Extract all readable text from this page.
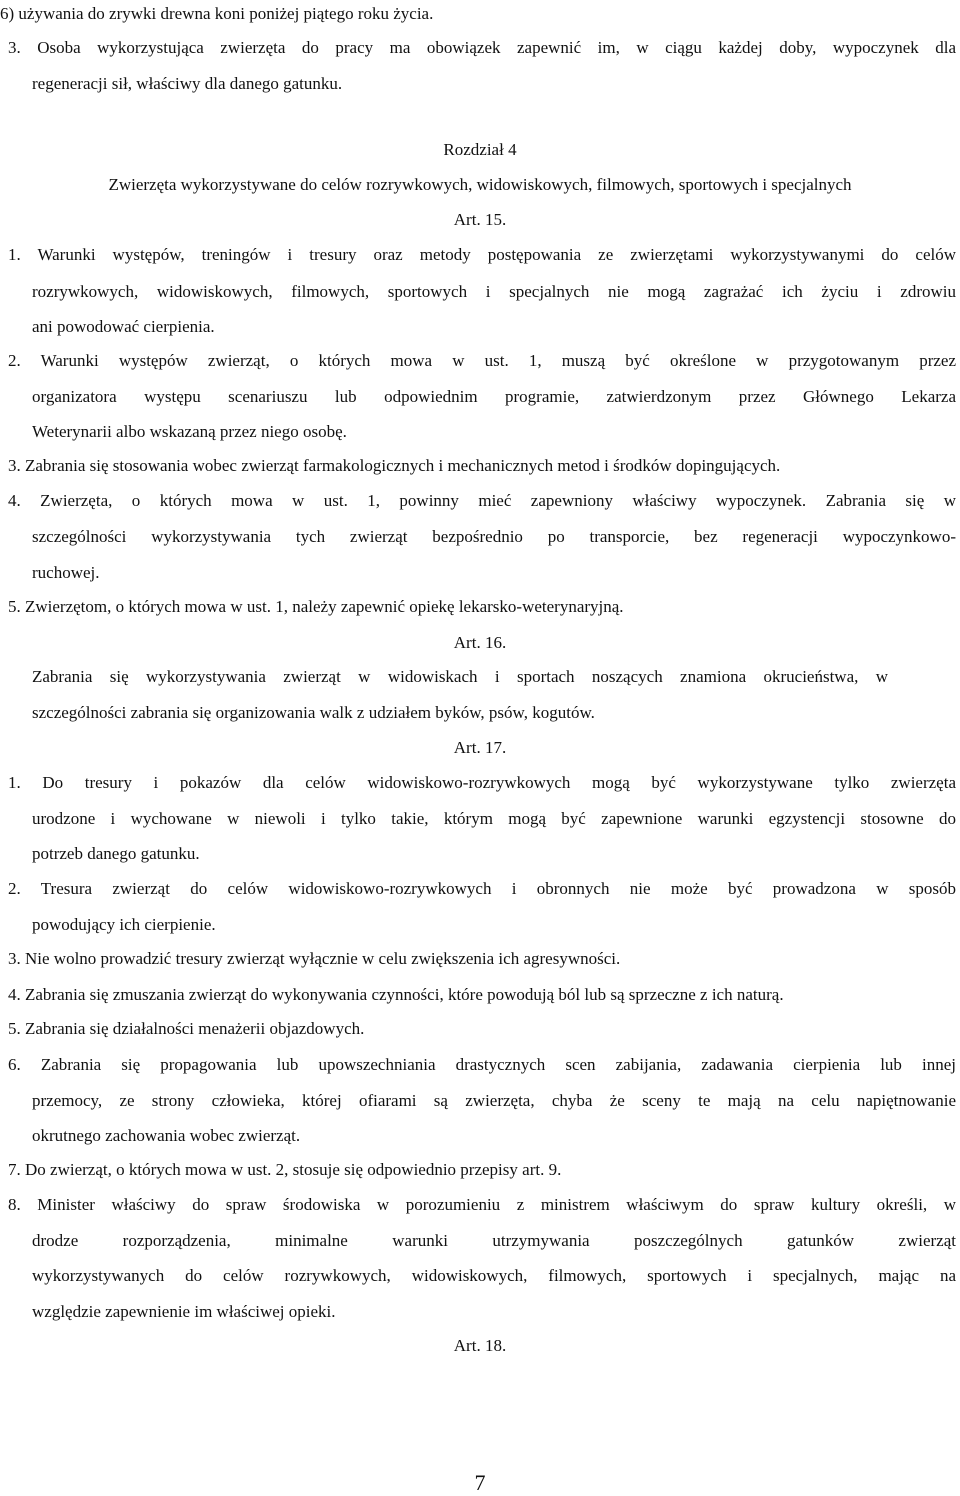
6) używania do zrywki drewna koni poniżej piątego roku życia.
3. Osoba wykorzystująca zwierzęta do pracy ma obowiązek zapewnić im, w ciągu każdej doby, wypoczynek dla
regeneracji sił, właściwy dla danego gatunku.
Rozdział 4
Zwierzęta wykorzystywane do celów rozrywkowych, widowiskowych, filmowych, sportowych i specjalnych
Art. 15.
1. Warunki występów, treningów i tresury oraz metody postępowania ze zwierzętami wykorzystywanymi do celów
rozrywkowych, widowiskowych, filmowych, sportowych i specjalnych nie mogą zagrażać ich życiu i zdrowiu
ani powodować cierpienia.
2. Warunki występów zwierząt, o których mowa w ust. 1, muszą być określone w przygotowanym przez
organizatora występu scenariuszu lub odpowiednim programie, zatwierdzonym przez Głównego Lekarza
Weterynarii albo wskazaną przez niego osobę.
3. Zabrania się stosowania wobec zwierząt farmakologicznych i mechanicznych metod i środków dopingujących.
4. Zwierzęta, o których mowa w ust. 1, powinny mieć zapewniony właściwy wypoczynek. Zabrania się w
szczególności wykorzystywania tych zwierząt bezpośrednio po transporcie, bez regeneracji wypoczynkowo-
ruchowej.
5. Zwierzętom, o których mowa w ust. 1, należy zapewnić opiekę lekarsko-weterynaryjną.
Art. 16.
Zabrania się wykorzystywania zwierząt w widowiskach i sportach noszących znamiona okrucieństwa, w
szczególności zabrania się organizowania walk z udziałem byków, psów, kogutów.
Art. 17.
1. Do tresury i pokazów dla celów widowiskowo-rozrywkowych mogą być wykorzystywane tylko zwierzęta
urodzone i wychowane w niewoli i tylko takie, którym mogą być zapewnione warunki egzystencji stosowne do
potrzeb danego gatunku.
2. Tresura zwierząt do celów widowiskowo-rozrywkowych i obronnych nie może być prowadzona w sposób
powodujący ich cierpienie.
3. Nie wolno prowadzić tresury zwierząt wyłącznie w celu zwiększenia ich agresywności.
4. Zabrania się zmuszania zwierząt do wykonywania czynności, które powodują ból lub są sprzeczne z ich naturą.
5. Zabrania się działalności menażerii objazdowych.
6. Zabrania się propagowania lub upowszechniania drastycznych scen zabijania, zadawania cierpienia lub innej
przemocy, ze strony człowieka, której ofiarami są zwierzęta, chyba że sceny te mają na celu napiętnowanie
okrutnego zachowania wobec zwierząt.
7. Do zwierząt, o których mowa w ust. 2, stosuje się odpowiednio przepisy art. 9.
8. Minister właściwy do spraw środowiska w porozumieniu z ministrem właściwym do spraw kultury określi, w
drodze rozporządzenia, minimalne warunki utrzymywania poszczególnych gatunków zwierząt
wykorzystywanych do celów rozrywkowych, widowiskowych, filmowych, sportowych i specjalnych, mając na
względzie zapewnienie im właściwej opieki.
Art. 18.
7
